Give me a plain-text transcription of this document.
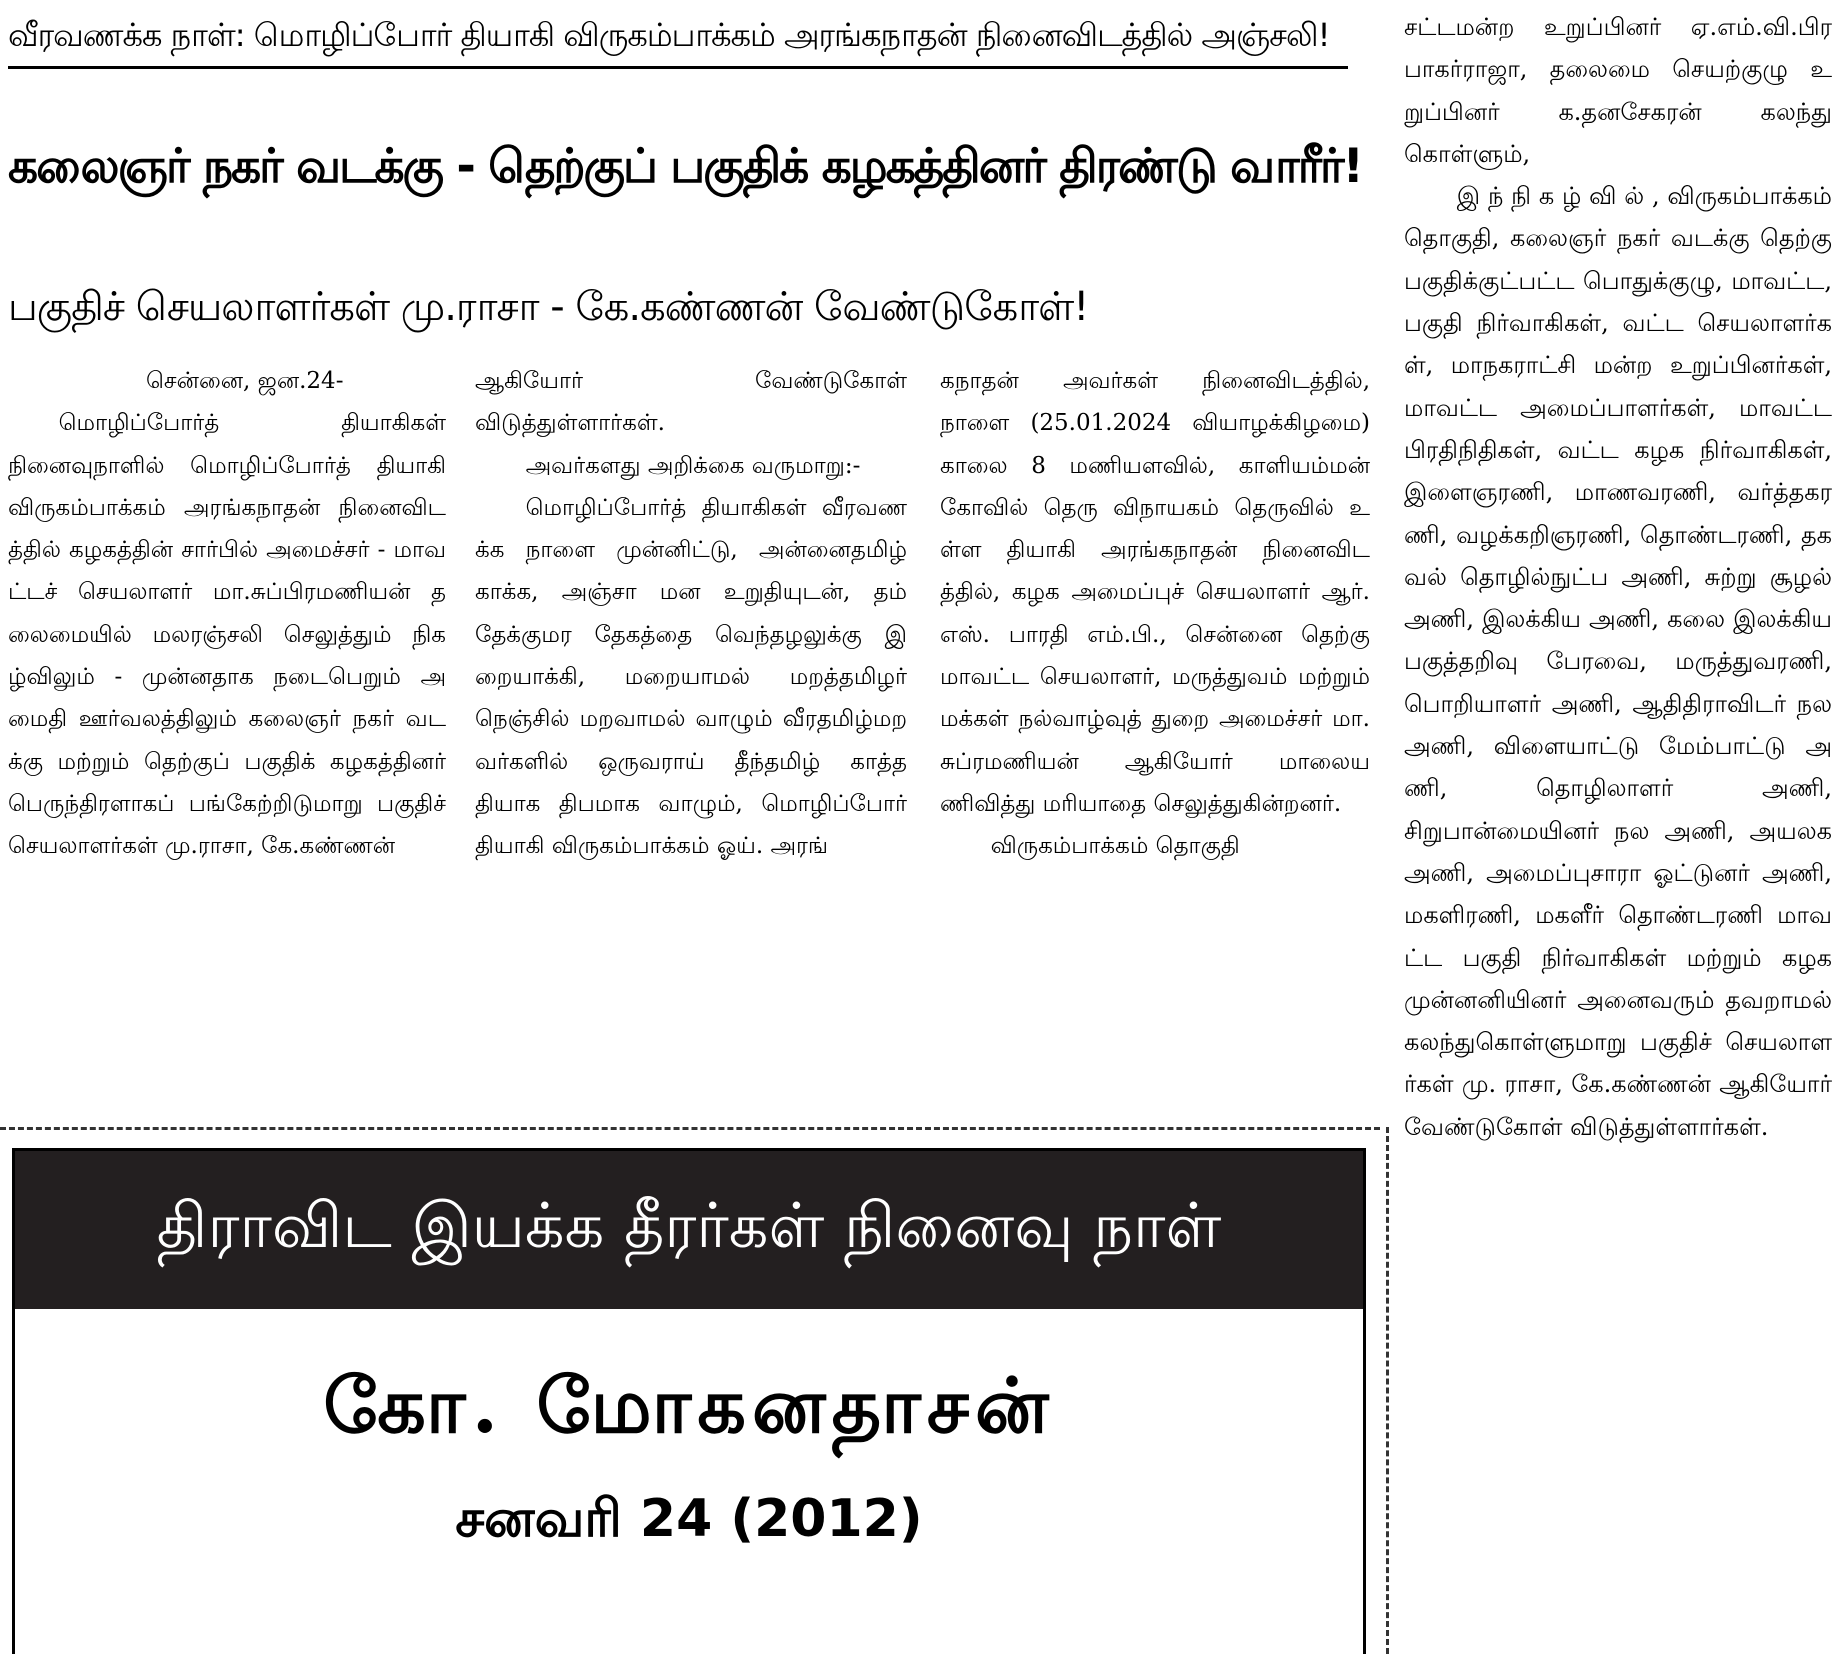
வீரவணக்க நாள்: மொழிப்போர் தியாகி விருகம்பாக்கம் அரங்கநாதன் நினைவிடத்தில் அஞ்சலி!
கலைஞர் நகர் வடக்கு - தெற்குப் பகுதிக் கழகத்தினர் திரண்டு வாரீர்!
பகுதிச் செயலாளர்கள் மு.ராசா - கே.கண்ணன் வேண்டுகோள்!

சென்னை, ஜன.24-

மொழிப்போர்த் தியாகிகள் நினைவுநாளில் மொழிப்போர்த் தியாகி விருகம்பாக்கம் அரங்கநாதன் நினைவிடத்தில் கழகத்தின் சார்பில் அமைச்சர் - மாவட்டச் செயலாளர் மா.சுப்பிரமணியன் தலைமையில் மலரஞ்சலி செலுத்தும் நிகழ்விலும் - முன்னதாக நடைபெறும் அமைதி ஊர்வலத்திலும் கலைஞர் நகர் வடக்கு மற்றும் தெற்குப் பகுதிக் கழகத்தினர் பெருந்திரளாகப் பங்கேற்றிடுமாறு பகுதிச் செயலாளர்கள் மு.ராசா, கே.கண்ணன்

ஆகியோர் வேண்டுகோள் விடுத்துள்ளார்கள்.

அவர்களது அறிக்கை வருமாறு:-

மொழிப்போர்த் தியாகிகள் வீரவணக்க நாளை முன்னிட்டு, அன்னைதமிழ் காக்க, அஞ்சா மன உறுதியுடன், தம் தேக்குமர தேகத்தை வெந்தழலுக்கு இறையாக்கி, மறையாமல் மறத்தமிழர் நெஞ்சில் மறவாமல் வாழும் வீரதமிழ்மறவர்களில் ஒருவராய் தீந்தமிழ் காத்த தியாக திபமாக வாழும், மொழிப்போர் தியாகி விருகம்பாக்கம் ஓய். அரங்

கநாதன் அவர்கள் நினைவிடத்தில், நாளை (25.01.2024 வியாழக்கிழமை) காலை 8 மணியளவில், காளியம்மன் கோவில் தெரு விநாயகம் தெருவில் உள்ள தியாகி அரங்கநாதன் நினைவிடத்தில், கழக அமைப்புச் செயலாளர் ஆர்.எஸ். பாரதி எம்.பி., சென்னை தெற்கு மாவட்ட செயலாளர், மருத்துவம் மற்றும் மக்கள் நல்வாழ்வுத் துறை அமைச்சர் மா.சுப்ரமணியன் ஆகியோர் மாலையணிவித்து மரியாதை செலுத்துகின்றனர்.

விருகம்பாக்கம் தொகுதி

திராவிட இயக்க தீரர்கள் நினைவு நாள்
கோ. மோகனதாசன்
சனவரி 24 (2012)

சட்டமன்ற உறுப்பினர் ஏ.எம்.வி.பிரபாகர்ராஜா, தலைமை செயற்குழு உறுப்பினர் க.தனசேகரன் கலந்து கொள்ளும்,

இ ந் நி க ழ் வி ல் , விருகம்பாக்கம் தொகுதி, கலைஞர் நகர் வடக்கு தெற்கு பகுதிக்குட்பட்ட பொதுக்குழு, மாவட்ட, பகுதி நிர்வாகிகள், வட்ட செயலாளர்கள், மாநகராட்சி மன்ற உறுப்பினர்கள், மாவட்ட அமைப்பாளர்கள், மாவட்ட பிரதிநிதிகள், வட்ட கழக நிர்வாகிகள், இளைஞரணி, மாணவரணி, வர்த்தகரணி, வழக்கறிஞரணி, தொண்டரணி, தகவல் தொழில்நுட்ப அணி, சுற்று சூழல் அணி, இலக்கிய அணி, கலை இலக்கிய பகுத்தறிவு பேரவை, மருத்துவரணி, பொறியாளர் அணி, ஆதிதிராவிடர் நல அணி, விளையாட்டு மேம்பாட்டு அணி, தொழிலாளர் அணி, சிறுபான்மையினர் நல அணி, அயலக அணி, அமைப்புசாரா ஓட்டுனர் அணி, மகளிரணி, மகளீர் தொண்டரணி மாவட்ட பகுதி நிர்வாகிகள் மற்றும் கழக முன்னனியினர் அனைவரும் தவறாமல் கலந்துகொள்ளுமாறு பகுதிச் செயலாளர்கள் மு. ராசா, கே.கண்ணன் ஆகியோர் வேண்டுகோள் விடுத்துள்ளார்கள்.
